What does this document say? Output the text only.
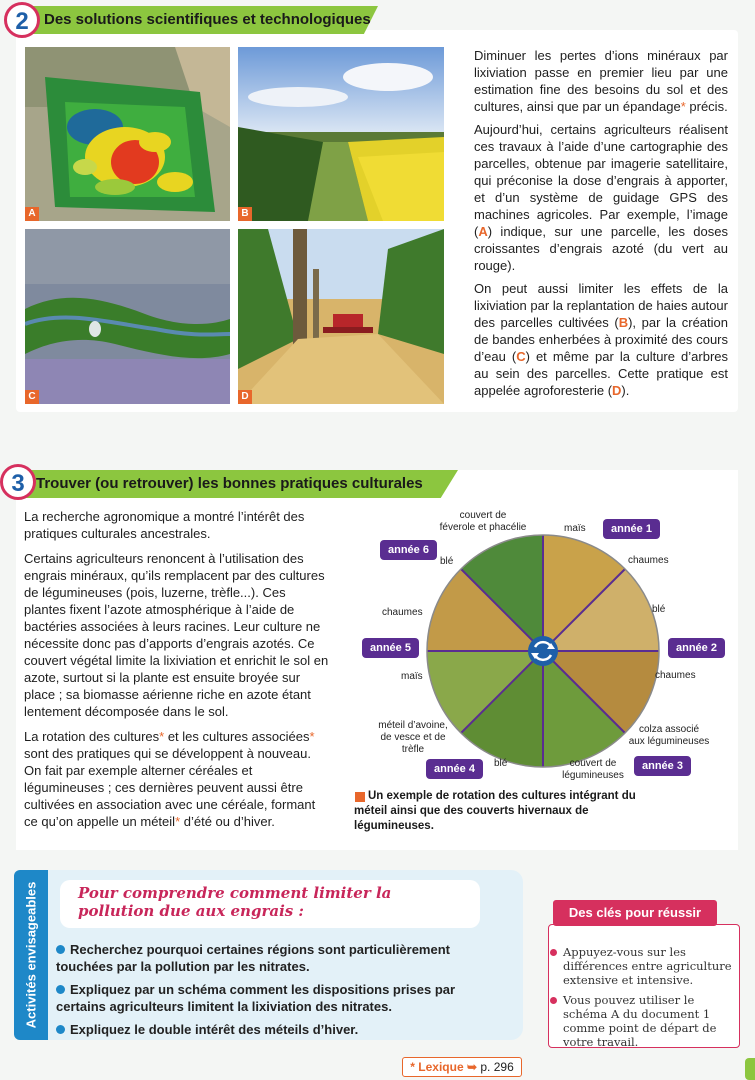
2	Des solutions scientifiques et technologiques
A	B
C	D

Diminuer les pertes d’ions minéraux par lixiviation passe en premier lieu par une estimation fine des besoins du sol et des cultures, ainsi que par un épandage* précis.

Aujourd’hui, certains agriculteurs réalisent ces travaux à l’aide d’une cartographie des parcelles, obtenue par imagerie satellitaire, qui préconise la dose d’engrais à apporter, et d’un système de guidage GPS des machines agricoles. Par exemple, l’image (A) indique, sur une parcelle, les doses croissantes d’engrais azoté (du vert au rouge).

On peut aussi limiter les effets de la lixiviation par la replantation de haies autour des parcelles cultivées (B), par la création de bandes enherbées à proximité des cours d’eau (C) et même par la culture d’arbres au sein des parcelles. Cette pratique est appelée agroforesterie (D).

3 Trouver (ou retrouver) les bonnes pratiques culturales

La recherche agronomique a montré l’intérêt des pratiques culturales ancestrales.

Certains agriculteurs renoncent à l’utilisation des engrais minéraux, qu’ils remplacent par des cultures de légumineuses (pois, luzerne, trèfle...). Ces plantes fixent l’azote atmosphérique à l’aide de bactéries associées à leurs racines. Leur culture ne nécessite donc pas d’apports d’engrais azotés. Ce couvert végétal limite la lixiviation et enrichit le sol en azote, surtout si la plante est ensuite broyée sur place ; sa biomasse aérienne riche en azote étant lentement décomposée dans le sol.

La rotation des cultures* et les cultures associées* sont des pratiques qui se développent à nouveau. On fait par exemple alterner céréales et légumineuses ; ces dernières peuvent aussi être cultivées en association avec une céréale, formant ce qu’on appelle un méteil* d’été ou d’hiver.

année 1
année 2
année 3
année 4
année 5
année 6
couvert de
féverole et phacélie	maïs
chaumes
blé
chaumes
colza associé
aux légumineuses
couvert de
légumineuses
blé
méteil d’avoine,
de vesce et de trèfle
maïs
chaumes
blé
Un exemple de rotation des cultures intégrant du méteil ainsi que des couverts hivernaux de légumineuses.
Activités envisageables	Pour comprendre comment limiter la pollution due aux engrais :
Recherchez pourquoi certaines régions sont particulièrement touchées par la pollution par les nitrates.
Expliquez par un schéma comment les dispositions prises par certains agriculteurs limitent la lixiviation des nitrates.
Expliquez le double intérêt des méteils d’hiver.
Des clés pour réussir
Appuyez-vous sur les différences entre agriculture extensive et intensive.
Vous pouvez utiliser le schéma A du document 1 comme point de départ de votre travail.
* Lexique ➥ p. 296
